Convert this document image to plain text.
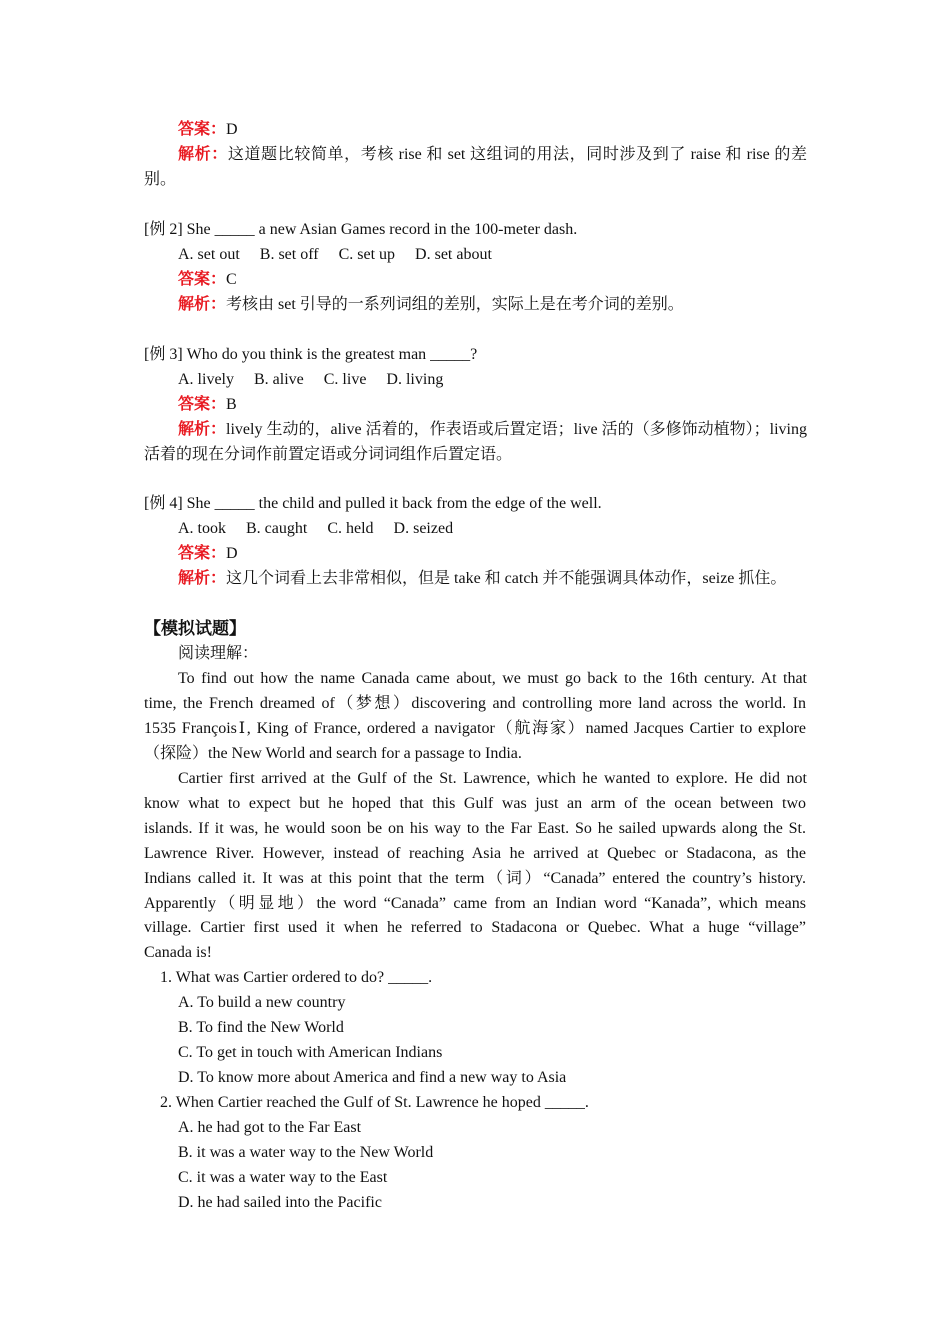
答案：D
解析：这道题比较简单，考核 rise 和 set 这组词的用法，同时涉及到了 raise 和 rise 的差
别。
[例 2] She _____ a new Asian Games record in the 100-meter dash.
A. set out     B. set off     C. set up     D. set about
答案：C
解析：考核由 set 引导的一系列词组的差别，实际上是在考介词的差别。
[例 3] Who do you think is the greatest man _____?
A. lively     B. alive     C. live     D. living
答案：B
解析：lively 生动的，alive 活着的，作表语或后置定语；live 活的（多修饰动植物）；living
活着的现在分词作前置定语或分词词组作后置定语。
[例 4] She _____ the child and pulled it back from the edge of the well.
A. took     B. caught     C. held     D. seized
答案：D
解析：这几个词看上去非常相似，但是 take 和 catch 并不能强调具体动作，seize 抓住。
【模拟试题】
阅读理解：
To find out how the name Canada came about, we must go back to the 16th century. At that
time, the French dreamed of（梦想）discovering and controlling more land across the world. In
1535 FrançoisⅠ, King of France, ordered a navigator（航海家）named Jacques Cartier to explore
（探险）the New World and search for a passage to India.
Cartier first arrived at the Gulf of the St. Lawrence, which he wanted to explore. He did not
know what to expect but he hoped that this Gulf was just an arm of the ocean between two
islands. If it was, he would soon be on his way to the Far East. So he sailed upwards along the St.
Lawrence River. However, instead of reaching Asia he arrived at Quebec or Stadacona, as the
Indians called it. It was at this point that the term（词）“Canada” entered the country’s history.
Apparently（明显地）the word “Canada” came from an Indian word “Kanada”, which means
village. Cartier first used it when he referred to Stadacona or Quebec. What a huge “village”
Canada is!
1. What was Cartier ordered to do? _____.
A. To build a new country
B. To find the New World
C. To get in touch with American Indians
D. To know more about America and find a new way to Asia
2. When Cartier reached the Gulf of St. Lawrence he hoped _____.
A. he had got to the Far East
B. it was a water way to the New World
C. it was a water way to the East
D. he had sailed into the Pacific
